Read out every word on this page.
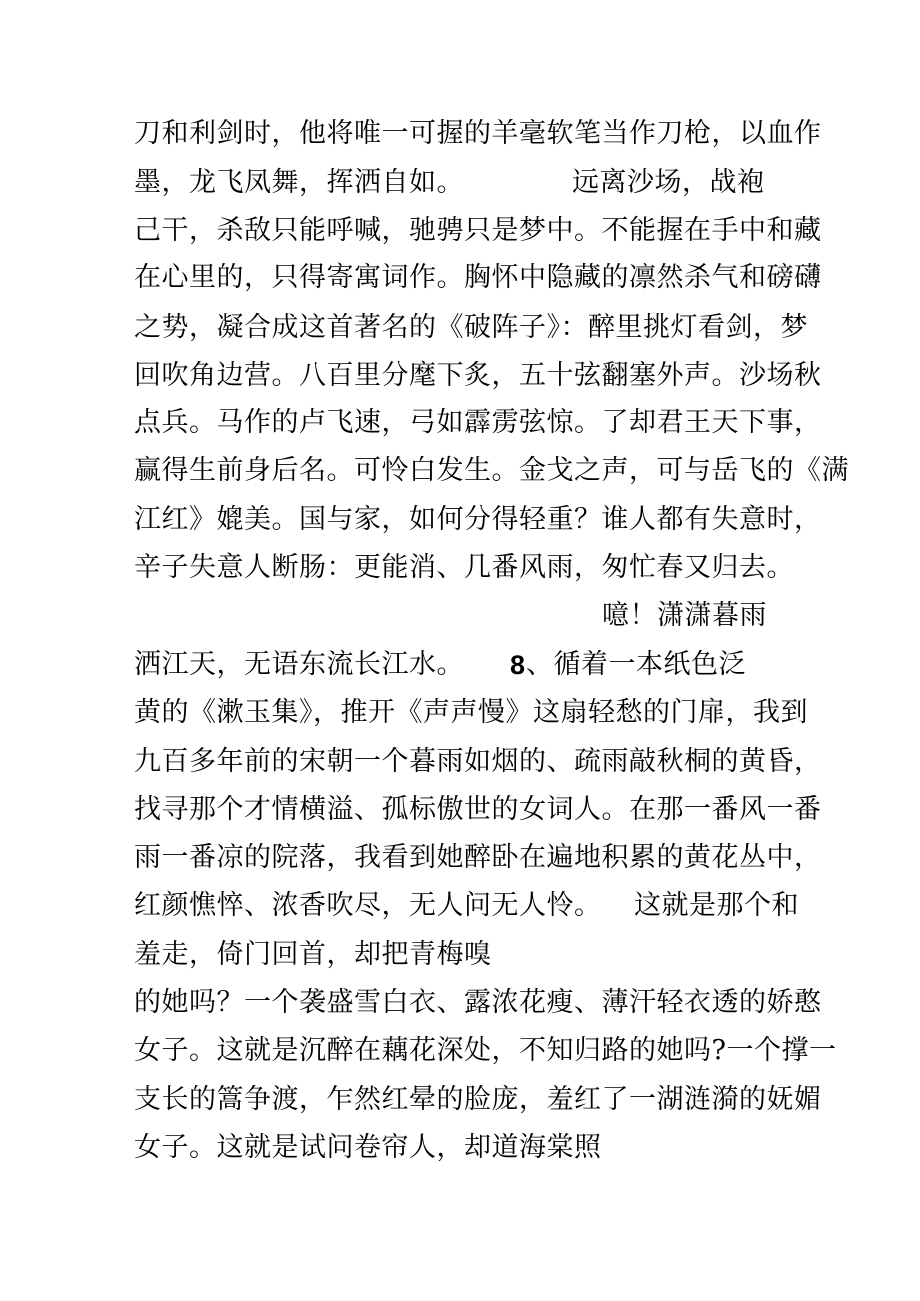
刀和利剑时，他将唯一可握的羊毫软笔当作刀枪，以血作
墨，龙飞凤舞，挥洒自如。	远离沙场，战袍
己干，杀敌只能呼喊，驰骋只是梦中。不能握在手中和藏
在心里的，只得寄寓词作。胸怀中隐藏的凛然杀气和磅礴
之势，凝合成这首著名的《破阵子》：醉里挑灯看剑，梦
回吹角边营。八百里分麾下炙，五十弦翻塞外声。沙场秋
点兵。马作的卢飞速，弓如霹雳弦惊。了却君王天下事，
赢得生前身后名。可怜白发生。金戈之声，可与岳飞的《满
江红》媲美。国与家，如何分得轻重？谁人都有失意时，
辛子失意人断肠：更能消、几番风雨，匆忙春又归去。
噫！潇潇暮雨
洒江天，无语东流长江水。 8 、循着一本纸色泛
黄的《漱玉集》，推开《声声慢》这扇轻愁的门扉，我到
九百多年前的宋朝一个暮雨如烟的、疏雨敲秋桐的黄昏，
找寻那个才情横溢、孤标傲世的女词人。在那一番风一番
雨一番凉的院落，我看到她醉卧在遍地积累的黄花丛中，
红颜憔悴、浓香吹尽，无人问无人怜。 这就是那个和
羞走，倚门回首，却把青梅嗅
的她吗？一个袭盛雪白衣、露浓花瘦、薄汗轻衣透的娇憨
女子。这就是沉醉在藕花深处，不知归路的她吗?一个撑一
支长的篙争渡，乍然红晕的脸庞，羞红了一湖涟漪的妩媚
女子。这就是试问卷帘人，却道海棠照
